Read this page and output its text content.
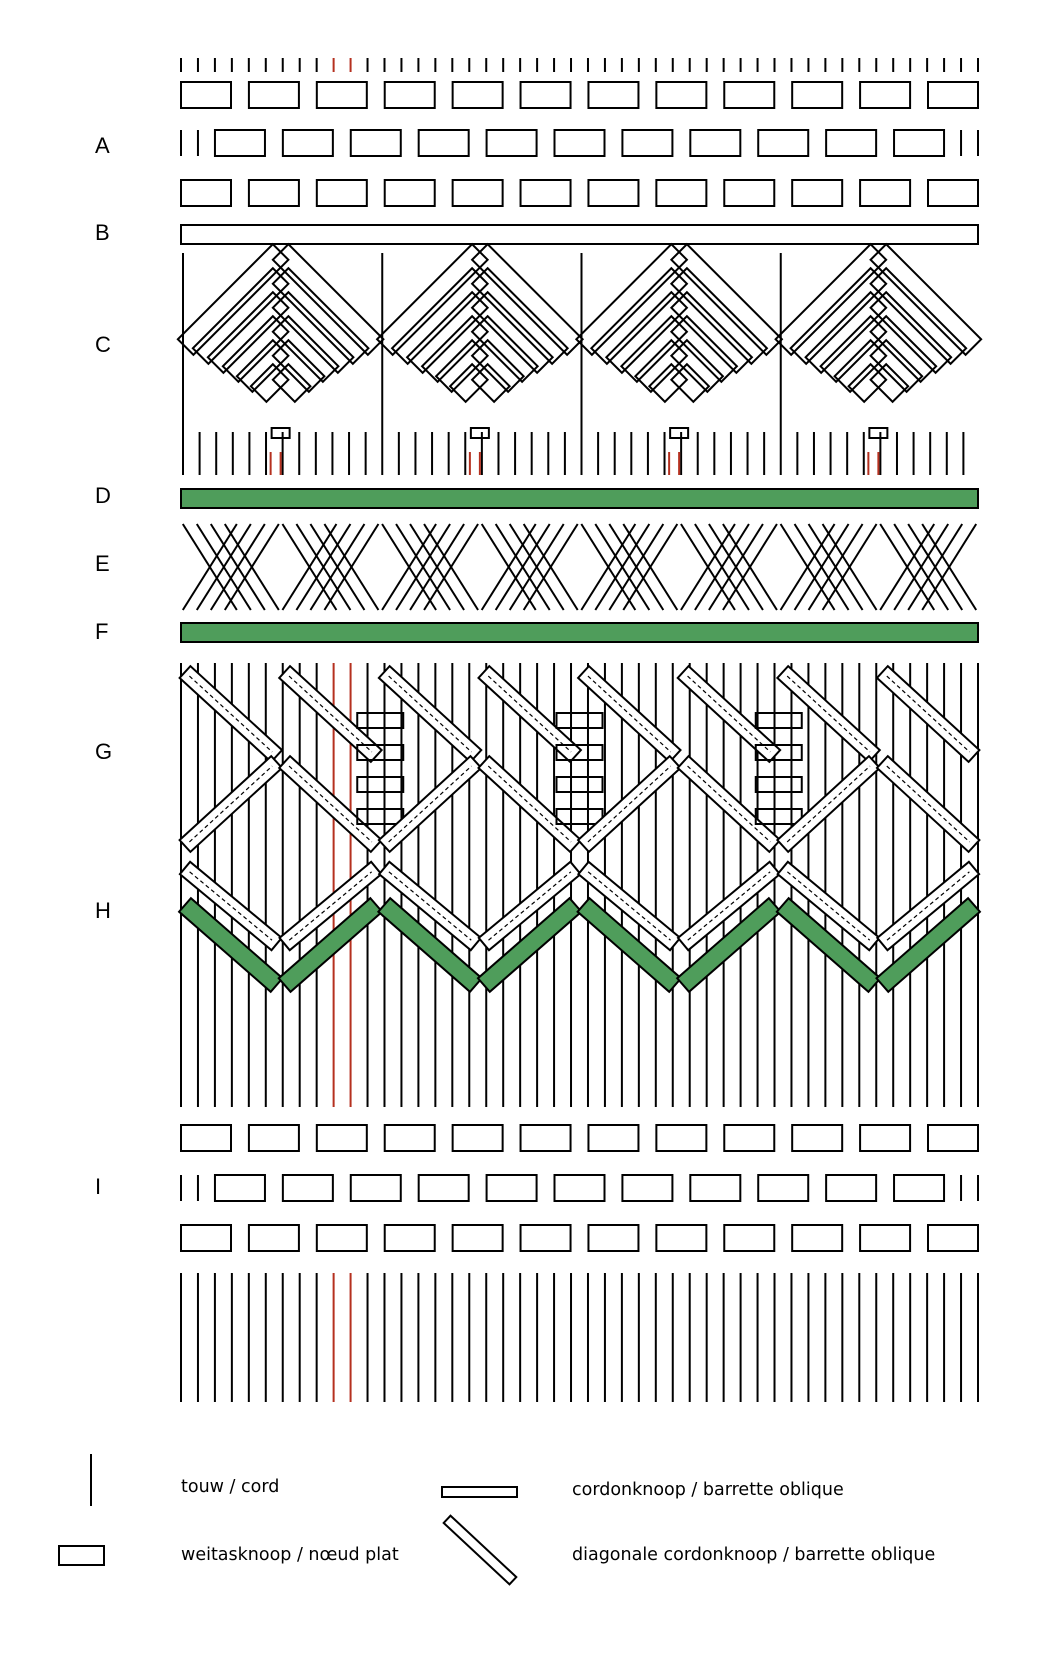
A
B
C
D
E
F
G
H
I
touw / cord
weitasknoop / nœud plat
cordonknoop / barrette oblique
diagonale cordonknoop / barrette oblique
